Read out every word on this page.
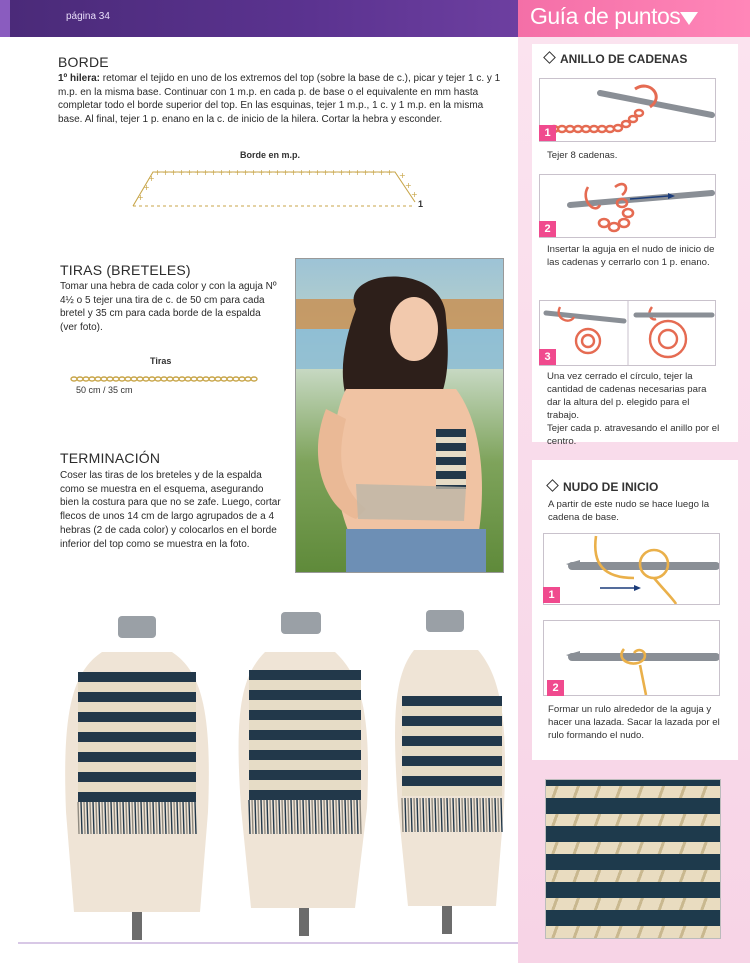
página 34	Guía de puntos
ANILLO DE CADENAS
1
Tejer 8 cadenas.
2
Insertar la aguja en el nudo de inicio de las cadenas y cerrarlo con 1 p. enano.
3
Una vez cerrado el círculo, tejer la cantidad de cadenas necesarias para dar la altura del p. elegido para el trabajo.
Tejer cada p. atravesando el anillo por el centro.
NUDO DE INICIO
A partir de este nudo se hace luego la cadena de base.
1
2
Formar un rulo alrededor de la aguja y hacer una lazada. Sacar la lazada por el rulo formando el nudo.
BORDE
1º hilera: retomar el tejido en uno de los extremos del top (sobre la base de c.), picar y tejer 1 c. y 1 m.p. en la misma base. Continuar con 1 m.p. en cada p. de base o el equivalente en mm hasta completar todo el borde superior del top. En las esquinas, tejer 1 m.p., 1 c. y 1 m.p. en la misma base. Al final, tejer 1 p. enano en la c. de inicio de la hilera. Cortar la hebra y esconder.
Borde en m.p.
+ + + + + + + + + + + + + + + + + + + + + + + + + + + + + +
+
+
+	+
+
+
1
TIRAS (BRETELES)
Tomar una hebra de cada color y con la aguja Nº 4½ o 5 tejer una tira de c. de 50 cm para cada bretel y 35 cm para cada borde de la espalda (ver foto).
Tiras
50 cm / 35 cm
TERMINACIÓN
Coser las tiras de los breteles y de la espalda como se muestra en el esquema, asegurando bien la costura para que no se zafe. Luego, cortar flecos de unos 14 cm de largo agrupados de a 4 hebras (2 de cada color) y colocarlos en el borde inferior del top como se muestra en la foto.
